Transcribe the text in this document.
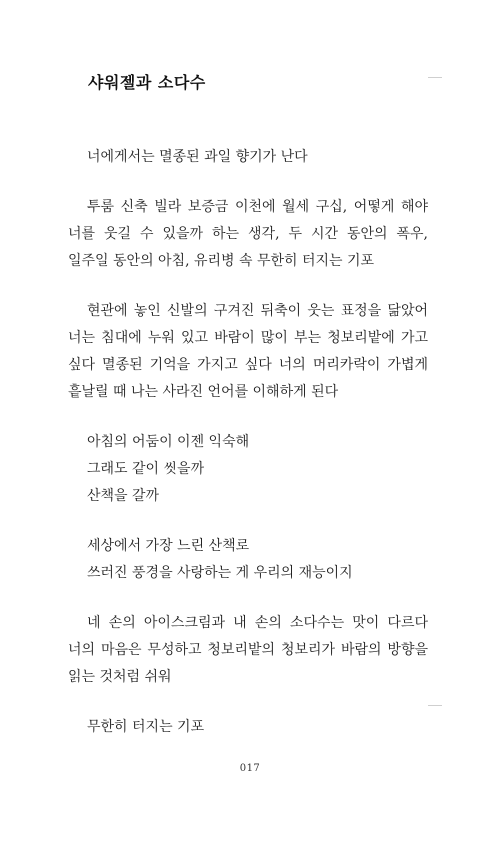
샤워젤과 소다수

너에게서는 멸종된 과일 향기가 난다

투룸 신축 빌라 보증금 이천에 월세 구십, 어떻게 해야 너를 웃길 수 있을까 하는 생각, 두 시간 동안의 폭우, 일주일 동안의 아침, 유리병 속 무한히 터지는 기포

현관에 놓인 신발의 구겨진 뒤축이 웃는 표정을 닮았어 너는 침대에 누워 있고 바람이 많이 부는 청보리밭에 가고 싶다 멸종된 기억을 가지고 싶다 너의 머리카락이 가볍게 흩날릴 때 나는 사라진 언어를 이해하게 된다

아침의 어둠이 이젠 익숙해
그래도 같이 씻을까
산책을 갈까
세상에서 가장 느린 산책로
쓰러진 풍경을 사랑하는 게 우리의 재능이지

네 손의 아이스크림과 내 손의 소다수는 맛이 다르다 너의 마음은 무성하고 청보리밭의 청보리가 바람의 방향을 읽는 것처럼 쉬워

무한히 터지는 기포

017
